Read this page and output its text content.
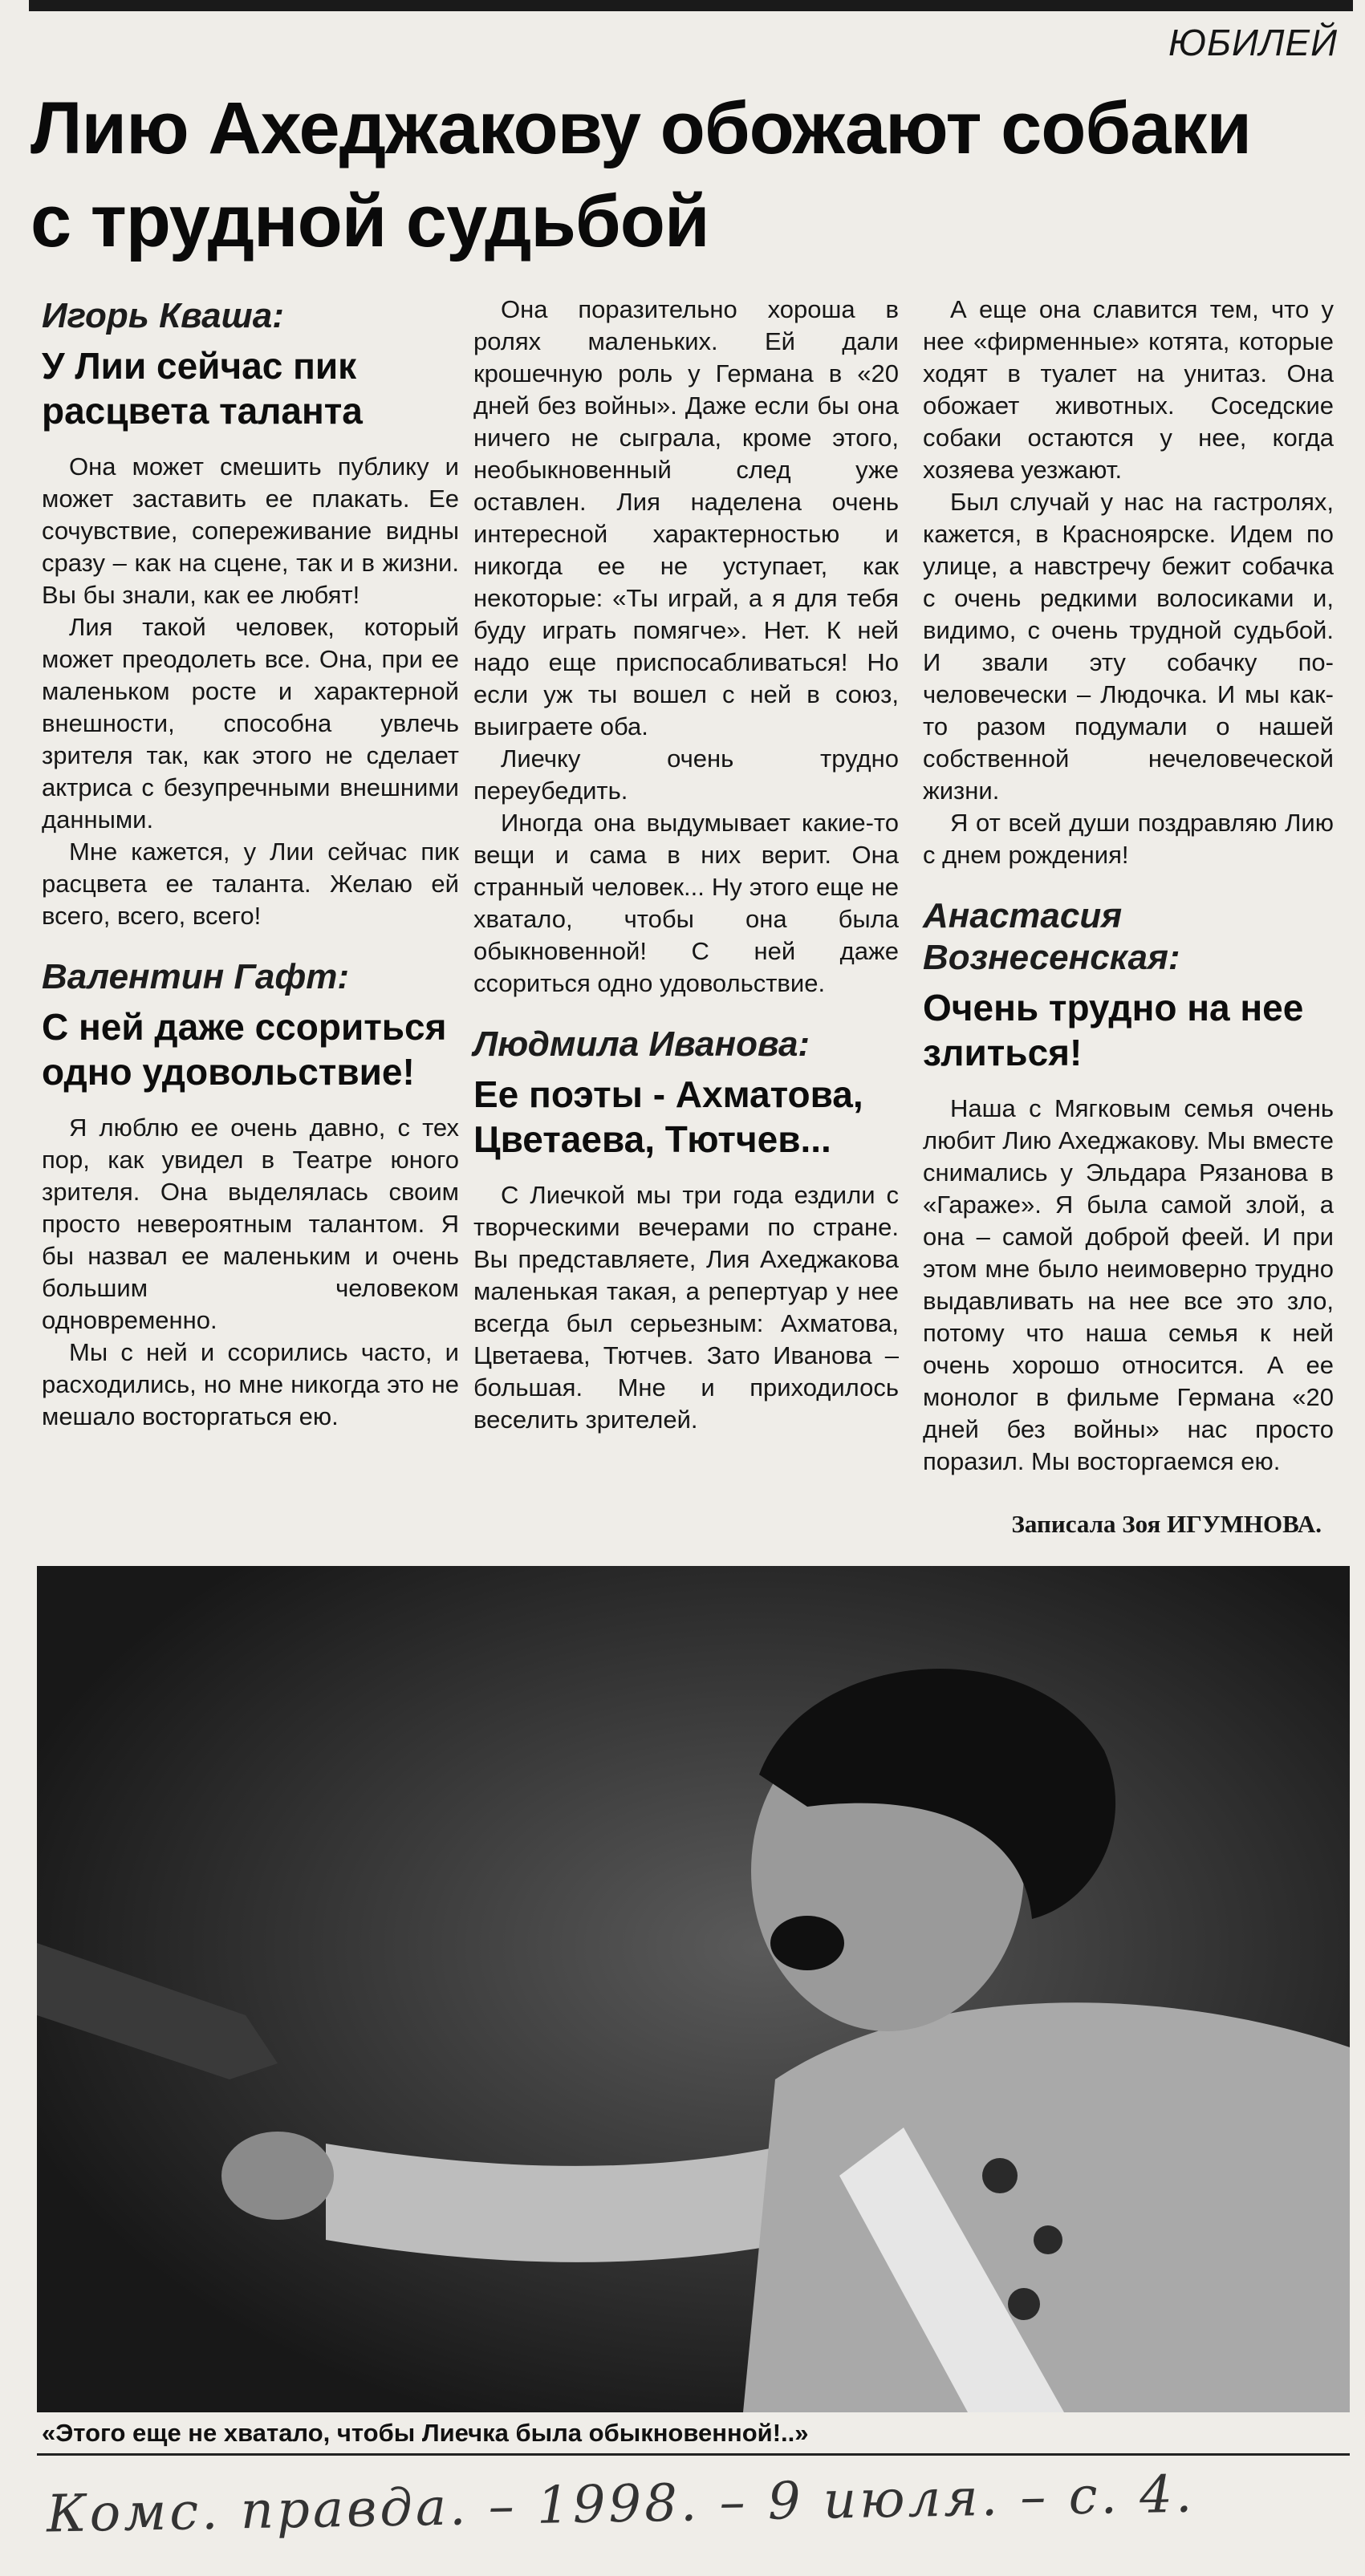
ЮБИЛЕЙ
Лию Ахеджакову обожают собаки с трудной судьбой
Игорь Кваша:
У Лии сейчас пик расцвета таланта

Она может смешить публику и может заставить ее плакать. Ее сочувствие, сопереживание видны сразу – как на сцене, так и в жизни. Вы бы знали, как ее любят!

Лия такой человек, который может преодолеть все. Она, при ее маленьком росте и характерной внешности, способна увлечь зрителя так, как этого не сделает актриса с безупречными внешними данными.

Мне кажется, у Лии сейчас пик расцвета ее таланта. Желаю ей всего, всего, всего!

Валентин Гафт:
С ней даже ссориться одно удовольствие!

Я люблю ее очень давно, с тех пор, как увидел в Театре юного зрителя. Она выделялась своим просто невероятным талантом. Я бы назвал ее маленьким и очень большим человеком одновременно.

Мы с ней и ссорились часто, и расходились, но мне никогда это не мешало восторгаться ею.

Она поразительно хороша в ролях маленьких. Ей дали крошечную роль у Германа в «20 дней без войны». Даже если бы она ничего не сыграла, кроме этого, необыкновенный след уже оставлен. Лия наделена очень интересной характерностью и никогда ее не уступает, как некоторые: «Ты играй, а я для тебя буду играть помягче». Нет. К ней надо еще приспосабливаться! Но если уж ты вошел с ней в союз, выиграете оба.

Лиечку очень трудно переубедить.

Иногда она выдумывает какие-то вещи и сама в них верит. Она странный человек... Ну этого еще не хватало, чтобы она была обыкновенной! С ней даже ссориться одно удовольствие.

Людмила Иванова:
Ее поэты - Ахматова, Цветаева, Тютчев...

С Лиечкой мы три года ездили с творческими вечерами по стране. Вы представляете, Лия Ахеджакова маленькая такая, а репертуар у нее всегда был серьезным: Ахматова, Цветаева, Тютчев. Зато Иванова – большая. Мне и приходилось веселить зрителей.

А еще она славится тем, что у нее «фирменные» котята, которые ходят в туалет на унитаз. Она обожает животных. Соседские собаки остаются у нее, когда хозяева уезжают.

Был случай у нас на гастролях, кажется, в Красноярске. Идем по улице, а навстречу бежит собачка с очень редкими волосиками и, видимо, с очень трудной судьбой. И звали эту собачку по-человечески – Людочка. И мы как-то разом подумали о нашей собственной нечеловеческой жизни.

Я от всей души поздравляю Лию с днем рождения!

Анастасия Вознесенская:
Очень трудно на нее злиться!

Наша с Мягковым семья очень любит Лию Ахеджакову. Мы вместе снимались у Эльдара Рязанова в «Гараже». Я была самой злой, а она – самой доброй феей. И при этом мне было неимоверно трудно выдавливать на нее все это зло, потому что наша семья к ней очень хорошо относится. А ее монолог в фильме Германа «20 дней без войны» нас просто поразил. Мы восторгаемся ею.

Записала Зоя ИГУМНОВА.
«Этого еще не хватало, чтобы Лиечка была обыкновенной!..»
Комс. правда. – 1998. – 9 июля. – с. 4.
